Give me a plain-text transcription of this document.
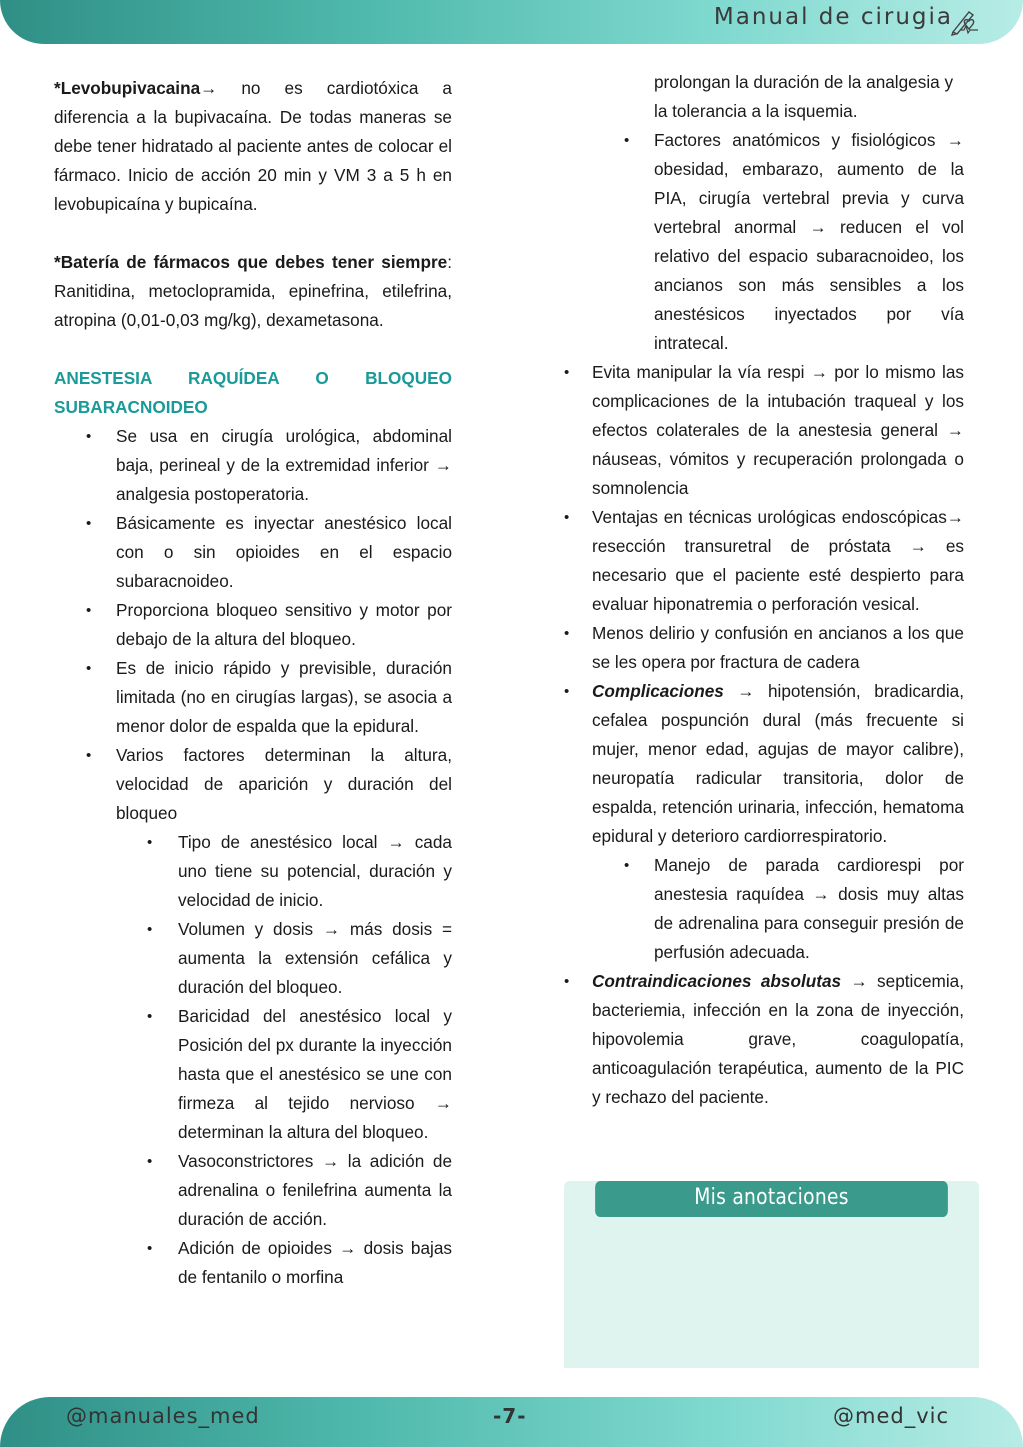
Manual de cirugia

*Levobupivacaina→ no es cardiotóxica a diferencia a la bupivacaína. De todas maneras se debe tener hidratado al paciente antes de colocar el fármaco. Inicio de acción 20 min y VM 3 a 5 h en levobupicaína y bupicaína.

*Batería de fármacos que debes tener siempre: Ranitidina, metoclopramida, epinefrina, etilefrina, atropina (0,01-0,03 mg/kg), dexametasona.

ANESTESIA RAQUÍDEA O BLOQUEO
SUBARACNOIDEO
• Se usa en cirugía urológica, abdominal baja, perineal y de la extremidad inferior → analgesia postoperatoria.
• Básicamente es inyectar anestésico local con o sin opioides en el espacio subaracnoideo.
• Proporciona bloqueo sensitivo y motor por debajo de la altura del bloqueo.
• Es de inicio rápido y previsible, duración limitada (no en cirugías largas), se asocia a menor dolor de espalda que la epidural.
• Varios factores determinan la altura, velocidad de aparición y duración del bloqueo
• Tipo de anestésico local → cada uno tiene su potencial, duración y velocidad de inicio.
• Volumen y dosis → más dosis = aumenta la extensión cefálica y duración del bloqueo.
• Baricidad del anestésico local y Posición del px durante la inyección hasta que el anestésico se une con firmeza al tejido nervioso → determinan la altura del bloqueo.
• Vasoconstrictores → la adición de adrenalina o fenilefrina aumenta la duración de acción.
• Adición de opioides → dosis bajas de fentanilo o morfina

prolongan la duración de la analgesia y la tolerancia a la isquemia.

• Factores anatómicos y fisiológicos → obesidad, embarazo, aumento de la PIA, cirugía vertebral previa y curva vertebral anormal → reducen el vol relativo del espacio subaracnoideo, los ancianos son más sensibles a los anestésicos inyectados por vía intratecal.
• Evita manipular la vía respi → por lo mismo las complicaciones de la intubación traqueal y los efectos colaterales de la anestesia general → náuseas, vómitos y recuperación prolongada o somnolencia
• Ventajas en técnicas urológicas endoscópicas→ resección transuretral de próstata → es necesario que el paciente esté despierto para evaluar hiponatremia o perforación vesical.
• Menos delirio y confusión en ancianos a los que se les opera por fractura de cadera
• Complicaciones → hipotensión, bradicardia, cefalea pospunción dural (más frecuente si mujer, menor edad, agujas de mayor calibre), neuropatía radicular transitoria, dolor de espalda, retención urinaria, infección, hematoma epidural y deterioro cardiorrespiratorio.
• Manejo de parada cardiorespi por anestesia raquídea → dosis muy altas de adrenalina para conseguir presión de perfusión adecuada.
• Contraindicaciones absolutas → septicemia, bacteriemia, infección en la zona de inyección, hipovolemia grave, coagulopatía, anticoagulación terapéutica, aumento de la PIC y rechazo del paciente.
Mis anotaciones
@manuales_med	-7-	@med_vic
